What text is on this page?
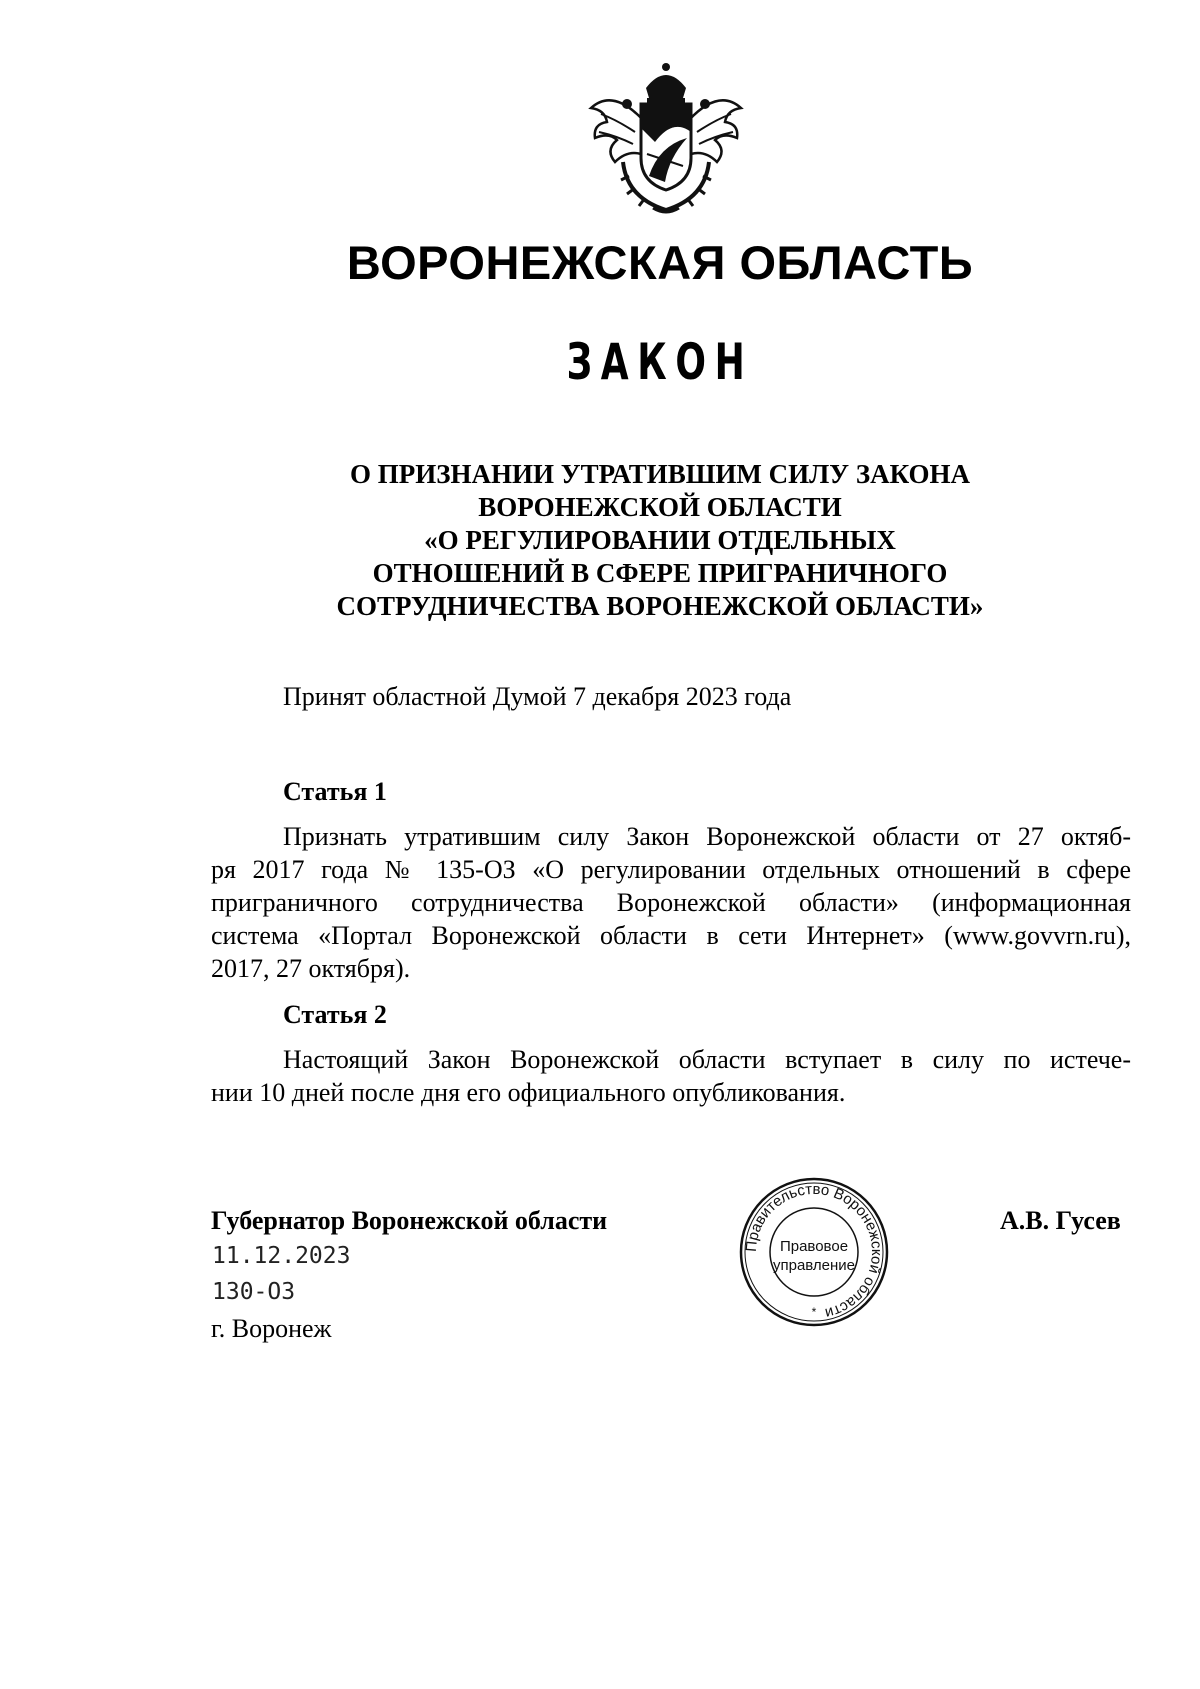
ВОРОНЕЖСКАЯ ОБЛАСТЬ
ЗАКОН
О ПРИЗНАНИИ УТРАТИВШИМ СИЛУ ЗАКОНА
ВОРОНЕЖСКОЙ ОБЛАСТИ
«О РЕГУЛИРОВАНИИ ОТДЕЛЬНЫХ
ОТНОШЕНИЙ В СФЕРЕ ПРИГРАНИЧНОГО
СОТРУДНИЧЕСТВА ВОРОНЕЖСКОЙ ОБЛАСТИ»
Принят областной Думой 7 декабря 2023 года
Статья 1
Признать утратившим силу Закон Воронежской области от 27 октяб-
ря 2017 года № 135-ОЗ «О регулировании отдельных отношений в сфере
приграничного сотрудничества Воронежской области» (информационная
система «Портал Воронежской области в сети Интернет» (www.govvrn.ru),
2017, 27 октября).
Статья 2
Настоящий Закон Воронежской области вступает в силу по истече-
нии 10 дней после дня его официального опубликования.
Губернатор Воронежской области	А.В. Гусев
11.12.2023
130-ОЗ
г. Воронеж
Правительство Воронежской области
Правовое
управление
*
